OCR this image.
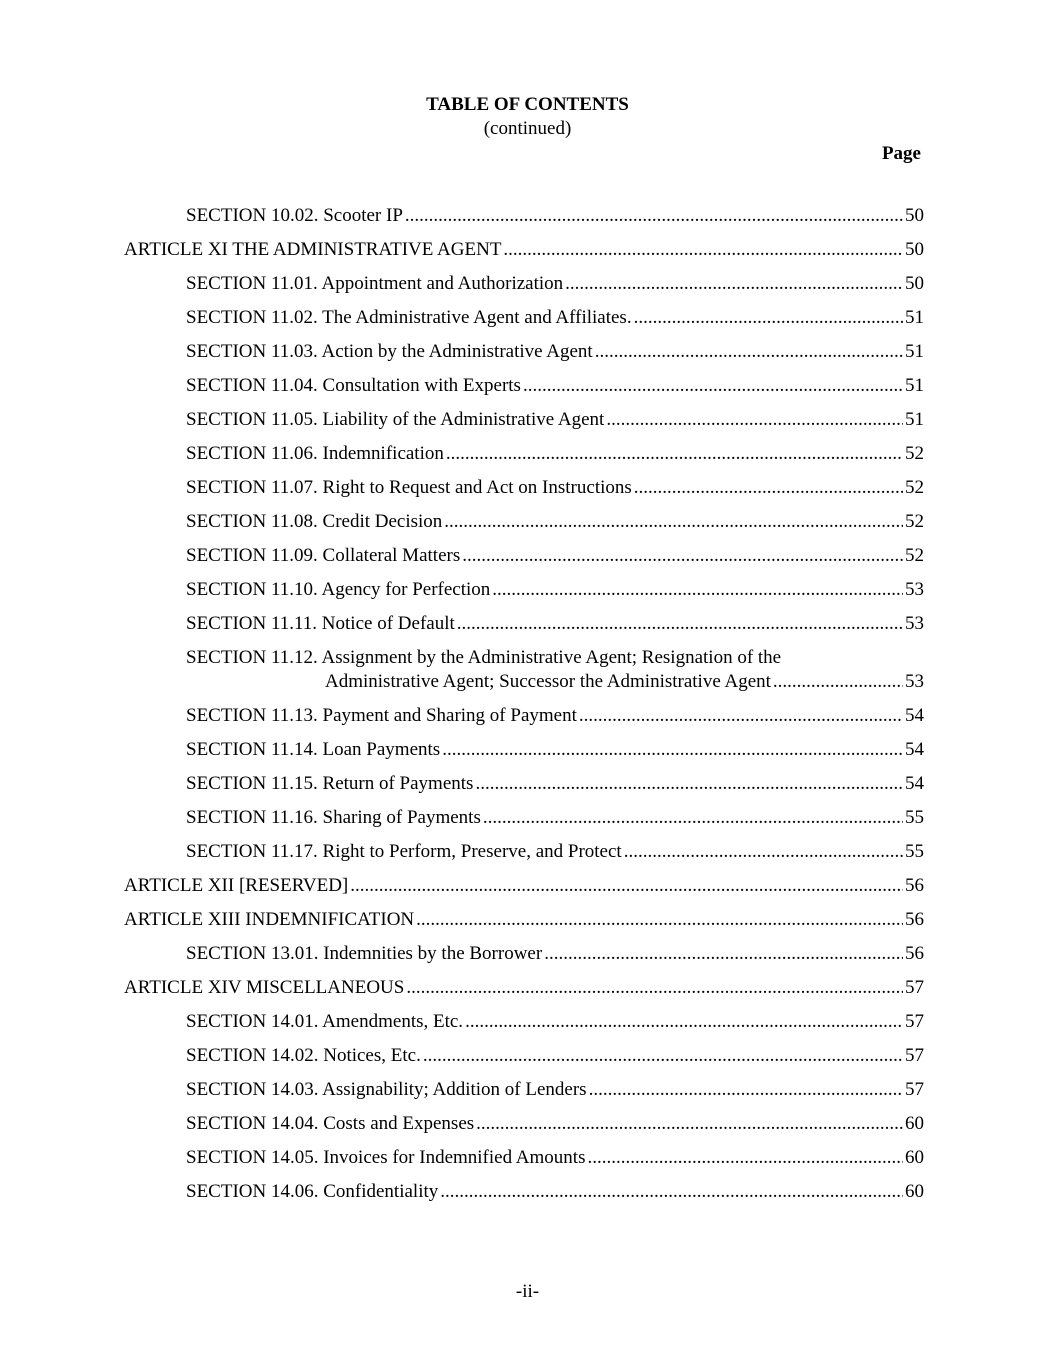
TABLE OF CONTENTS
(continued)
Page
SECTION 10.02. Scooter IP .....	50
ARTICLE XI THE ADMINISTRATIVE AGENT .....	50
SECTION 11.01. Appointment and Authorization .....	50
SECTION 11.02. The Administrative Agent and Affiliates. .....	51
SECTION 11.03. Action by the Administrative Agent .....	51
SECTION 11.04. Consultation with Experts .....	51
SECTION 11.05. Liability of the Administrative Agent .....	51
SECTION 11.06. Indemnification .....	52
SECTION 11.07. Right to Request and Act on Instructions .....	52
SECTION 11.08. Credit Decision .....	52
SECTION 11.09. Collateral Matters .....	52
SECTION 11.10. Agency for Perfection .....	53
SECTION 11.11. Notice of Default .....	53
SECTION 11.12. Assignment by the Administrative Agent; Resignation of the
Administrative Agent; Successor the Administrative Agent .....	53
SECTION 11.13. Payment and Sharing of Payment .....	54
SECTION 11.14. Loan Payments .....	54
SECTION 11.15. Return of Payments .....	54
SECTION 11.16. Sharing of Payments .....	55
SECTION 11.17. Right to Perform, Preserve, and Protect .....	55
ARTICLE XII [RESERVED] .....	56
ARTICLE XIII INDEMNIFICATION .....	56
SECTION 13.01. Indemnities by the Borrower .....	56
ARTICLE XIV MISCELLANEOUS .....	57
SECTION 14.01. Amendments, Etc. .....	57
SECTION 14.02. Notices, Etc. .....	57
SECTION 14.03. Assignability; Addition of Lenders .....	57
SECTION 14.04. Costs and Expenses .....	60
SECTION 14.05. Invoices for Indemnified Amounts .....	60
SECTION 14.06. Confidentiality .....	60
-ii-
